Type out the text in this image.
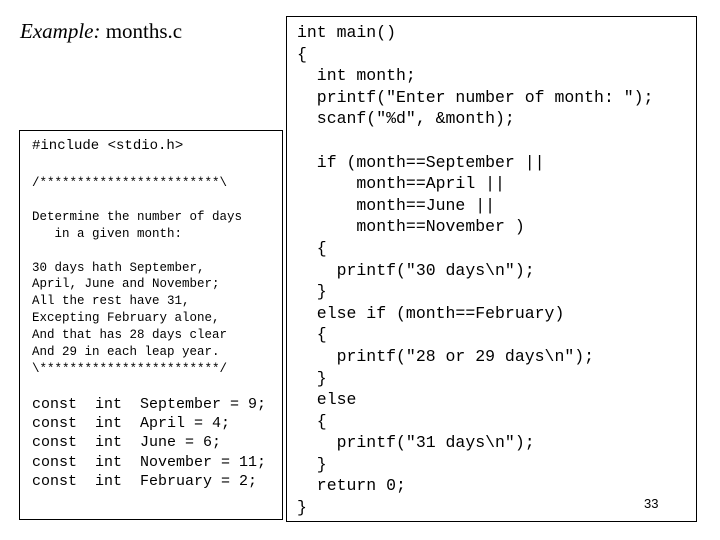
Example: months.c	int main()
{
int month;
printf("Enter number of month: ");
scanf("%d", &month);

if (month==September ||
month==April ||
month==June ||
month==November )
{
printf("30 days\n");
}
else if (month==February)
{
printf("28 or 29 days\n");
}
else
{
printf("31 days\n");
}
return 0;
}
#include <stdio.h>
/************************\

Determine the number of days
in a given month:

30 days hath September,
April, June and November;
All the rest have 31,
Excepting February alone,
And that has 28 days clear
And 29 in each leap year.
\************************/
const  int  September = 9;
const  int  April = 4;
const  int  June = 6;
const  int  November = 11;
const  int  February = 2;
33
